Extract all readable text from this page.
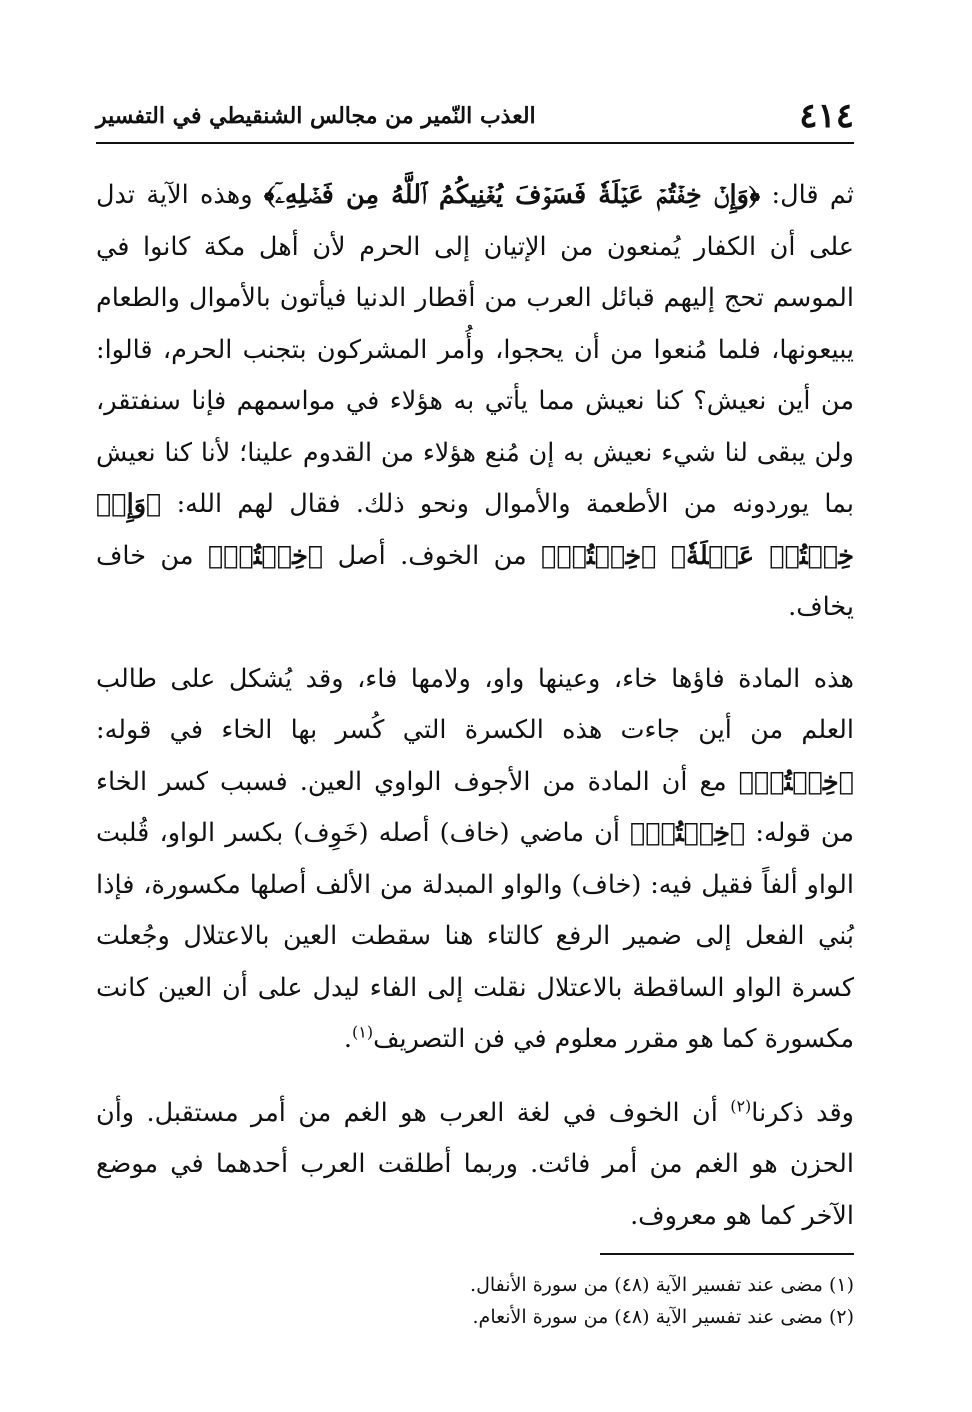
٤١٤
العذب النّمير من مجالس الشنقيطي في التفسير

ثم قال: ﴿وَإِنۡ خِفۡتُمۡ عَيۡلَةٗ فَسَوۡفَ يُغۡنِيكُمُ ٱللَّهُ مِن فَضۡلِهِۦٓ﴾ وهذه الآية تدل على أن الكفار يُمنعون من الإتيان إلى الحرم لأن أهل مكة كانوا في الموسم تحج إليهم قبائل العرب من أقطار الدنيا فيأتون بالأموال والطعام يبيعونها، فلما مُنعوا من أن يحجوا، وأُمر المشركون بتجنب الحرم، قالوا: من أين نعيش؟ كنا نعيش مما يأتي به هؤلاء في مواسمهم فإنا سنفتقر، ولن يبقى لنا شيء نعيش به إن مُنع هؤلاء من القدوم علينا؛ لأنا كنا نعيش بما يوردونه من الأطعمة والأموال ونحو ذلك. فقال لهم الله: ﴿وَإِنۡ خِفۡتُمۡ عَيۡلَةٗ﴾ ﴿خِفۡتُمۡ﴾ من الخوف. أصل ﴿خِفۡتُمۡ﴾ من خاف يخاف.

هذه المادة فاؤها خاء، وعينها واو، ولامها فاء، وقد يُشكل على طالب العلم من أين جاءت هذه الكسرة التي كُسر بها الخاء في قوله: ﴿خِفۡتُمۡ﴾ مع أن المادة من الأجوف الواوي العين. فسبب كسر الخاء من قوله: ﴿خِفۡتُمۡ﴾ أن ماضي (خاف) أصله (خَوِف) بكسر الواو، قُلبت الواو ألفاً فقيل فيه: (خاف) والواو المبدلة من الألف أصلها مكسورة، فإذا بُني الفعل إلى ضمير الرفع كالتاء هنا سقطت العين بالاعتلال وجُعلت كسرة الواو الساقطة بالاعتلال نقلت إلى الفاء ليدل على أن العين كانت مكسورة كما هو مقرر معلوم في فن التصريف$^{(١)}$.

وقد ذكرنا$^{(٢)}$ أن الخوف في لغة العرب هو الغم من أمر مستقبل. وأن الحزن هو الغم من أمر فائت. وربما أطلقت العرب أحدهما في موضع الآخر كما هو معروف.

(١) مضى عند تفسير الآية (٤٨) من سورة الأنفال.
(٢) مضى عند تفسير الآية (٤٨) من سورة الأنعام.
